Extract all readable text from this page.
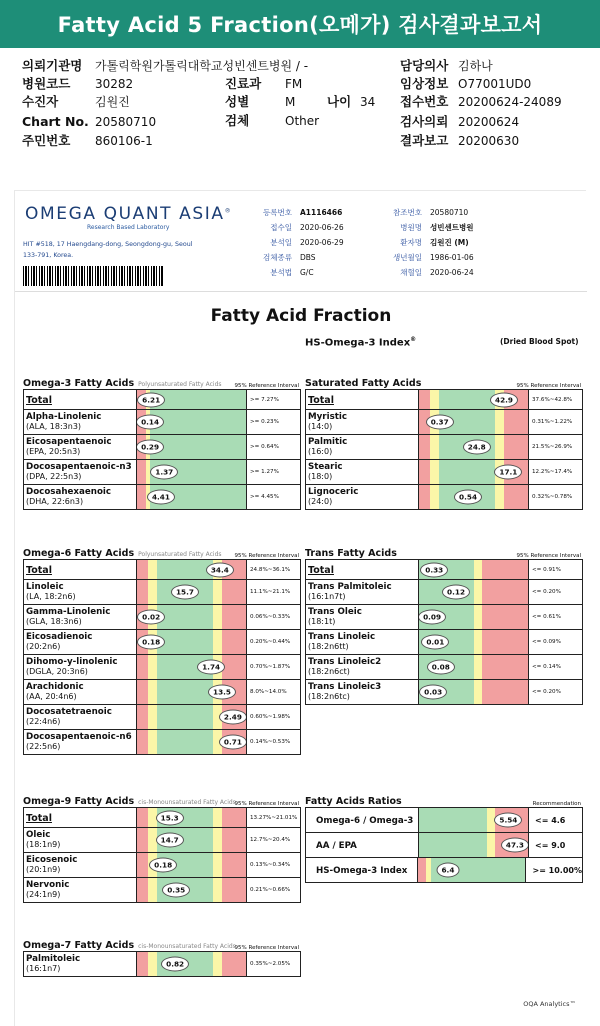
Fatty Acid 5 Fraction(오메가) 검사결과보고서
의뢰기관명 가톨릭학원가톨릭대학교성빈센트병원 / -
병원코드 30282
수진자	김원진
Chart No. 20580710
주민번호 860106-1
진료과 FM
성별	M	나이 34
검체	Other
담당의사 김하나
임상정보 O77001UD0
접수번호 20200624-24089
검사의뢰 20200624
결과보고 20200630
OMEGA QUANT ASIA®
Research Based Laboratory
HIT #518, 17 Haengdang-dong, Seongdong-gu, Seoul 133-791, Korea.
등록번호 A1116466
접수일 2020-06-26
분석일 2020-06-29
검체종류 DBS
분석법 G/C
참조번호 20580710
병원명 성빈센트병원
환자명 김원진 (M)
생년월일 1986-01-06
채혈일 2020-06-24
Fatty Acid Fraction
HS-Omega-3 Index®	(Dried Blood Spot)
Omega-3 Fatty Acids Polyunsaturated Fatty Acids 95% Reference Interval
Total	6.21	>= 7.27%
Alpha-Linolenic
(ALA, 18:3n3)	0.14	>= 0.23%
Eicosapentaenoic
(EPA, 20:5n3)	0.29	>= 0.64%
Docosapentaenoic-n3
(DPA, 22:5n3)	1.37	>= 1.27%
Docosahexaenoic
(DHA, 22:6n3)	4.41	>= 4.45%
Saturated Fatty Acids	95% Reference Interval
Total	42.9	37.6%~42.8%
Myristic
(14:0)	0.37	0.31%~1.22%
Palmitic
(16:0)	24.8	21.5%~26.9%
Stearic
(18:0)	17.1	12.2%~17.4%
Lignoceric
(24:0)	0.54	0.32%~0.78%
Omega-6 Fatty Acids Polyunsaturated Fatty Acids 95% Reference Interval
Total	34.4	24.8%~36.1%
Linoleic
(LA, 18:2n6)	15.7	11.1%~21.1%
Gamma-Linolenic
(GLA, 18:3n6)	0.02	0.06%~0.33%
Eicosadienoic
(20:2n6)	0.18	0.20%~0.44%
Dihomo-y-linolenic
(DGLA, 20:3n6)	1.74	0.70%~1.87%
Arachidonic
(AA, 20:4n6)	13.5	8.0%~14.0%
Docosatetraenoic
(22:4n6)	2.49	0.60%~1.98%
Docosapentaenoic-n6
(22:5n6)	0.71	0.14%~0.53%
Trans Fatty Acids	95% Reference Interval
Total	0.33	<= 0.91%
Trans Palmitoleic
(16:1n7t)	0.12	<= 0.20%
Trans Oleic
(18:1t)	0.09	<= 0.61%
Trans Linoleic
(18:2n6tt)	0.01	<= 0.09%
Trans Linoleic2
(18:2n6ct)	0.08	<= 0.14%
Trans Linoleic3
(18:2n6tc)	0.03	<= 0.20%
Omega-9 Fatty Acids cis-Monounsaturated Fatty Acids
95% Reference Interval
Total	15.3	13.27%~21.01%
Oleic
(18:1n9)	14.7	12.7%~20.4%
Eicosenoic
(20:1n9)	0.18	0.13%~0.34%
Nervonic
(24:1n9)	0.35	0.21%~0.66%
Fatty Acids Ratios	Recommendation
Omega-6 / Omega-3	5.54	<= 4.6
AA / EPA	47.3	<= 9.0
HS-Omega-3 Index	6.4	>= 10.00%
Omega-7 Fatty Acids cis-Monounsaturated Fatty Acids
95% Reference Interval
Palmitoleic
(16:1n7)	0.82	0.35%~2.05%
OQA Analytics™
